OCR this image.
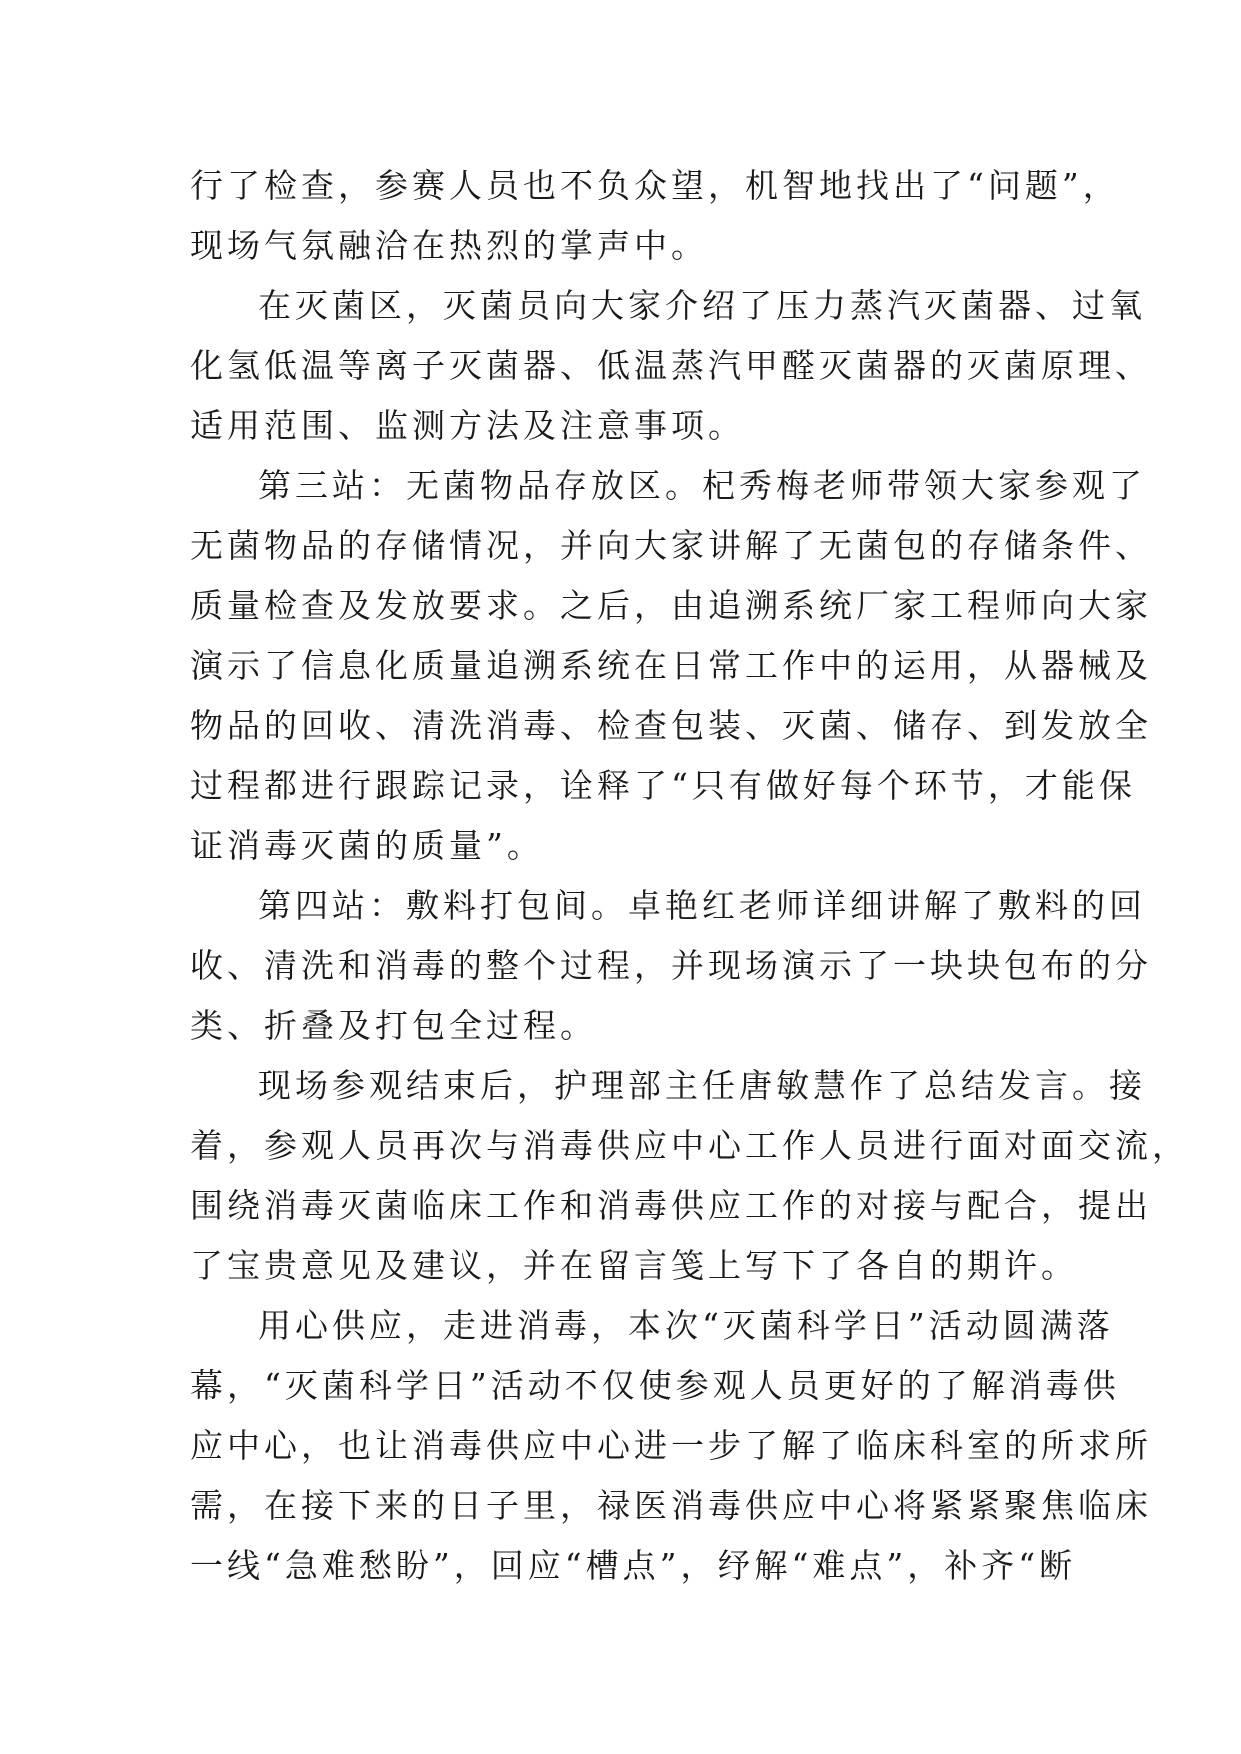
行了检查，参赛人员也不负众望，机智地找出了“问题”，
现场气氛融洽在热烈的掌声中。
在灭菌区，灭菌员向大家介绍了压力蒸汽灭菌器、过氧
化氢低温等离子灭菌器、低温蒸汽甲醛灭菌器的灭菌原理、
适用范围、监测方法及注意事项。
第三站：无菌物品存放区。杞秀梅老师带领大家参观了
无菌物品的存储情况，并向大家讲解了无菌包的存储条件、
质量检查及发放要求。之后，由追溯系统厂家工程师向大家
演示了信息化质量追溯系统在日常工作中的运用，从器械及
物品的回收、清洗消毒、检查包装、灭菌、储存、到发放全
过程都进行跟踪记录，诠释了“只有做好每个环节，才能保
证消毒灭菌的质量”。
第四站：敷料打包间。卓艳红老师详细讲解了敷料的回
收、清洗和消毒的整个过程，并现场演示了一块块包布的分
类、折叠及打包全过程。
现场参观结束后，护理部主任唐敏慧作了总结发言。接
着，参观人员再次与消毒供应中心工作人员进行面对面交流，
围绕消毒灭菌临床工作和消毒供应工作的对接与配合，提出
了宝贵意见及建议，并在留言笺上写下了各自的期许。
用心供应，走进消毒，本次“灭菌科学日”活动圆满落
幕，“灭菌科学日”活动不仅使参观人员更好的了解消毒供
应中心，也让消毒供应中心进一步了解了临床科室的所求所
需，在接下来的日子里，禄医消毒供应中心将紧紧聚焦临床
一线“急难愁盼”，回应“槽点”，纾解“难点”，补齐“断
